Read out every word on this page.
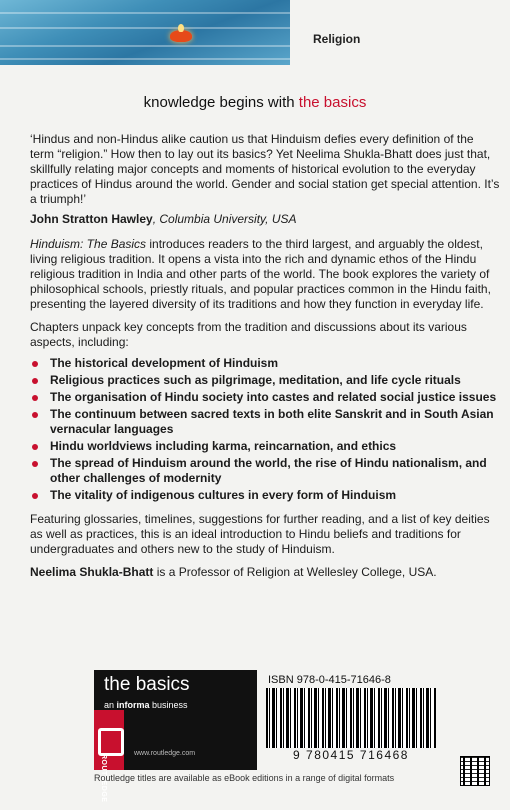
Religion
knowledge begins with the basics

‘Hindus and non-Hindus alike caution us that Hinduism defies every definition of the term “religion.” How then to lay out its basics? Yet Neelima Shukla-Bhatt does just that, skillfully relating major concepts and moments of historical evolution to the everyday practices of Hindus around the world. Gender and social station get special attention. It’s a triumph!’

John Stratton Hawley, Columbia University, USA

Hinduism: The Basics introduces readers to the third largest, and arguably the oldest, living religious tradition. It opens a vista into the rich and dynamic ethos of the Hindu religious tradition in India and other parts of the world. The book explores the variety of philosophical schools, priestly rituals, and popular practices common in the Hindu faith, presenting the layered diversity of its traditions and how they function in everyday life.

Chapters unpack key concepts from the tradition and discussions about its various aspects, including:

The historical development of Hinduism
Religious practices such as pilgrimage, meditation, and life cycle rituals
The organisation of Hindu society into castes and related social justice issues
The continuum between sacred texts in both elite Sanskrit and in South Asian vernacular languages
Hindu worldviews including karma, reincarnation, and ethics
The spread of Hinduism around the world, the rise of Hindu nationalism, and other challenges of modernity
The vitality of indigenous cultures in every form of Hinduism

Featuring glossaries, timelines, suggestions for further reading, and a list of key deities as well as practices, this is an ideal introduction to Hindu beliefs and traditions for undergraduates and others new to the study of Hinduism.

Neelima Shukla-Bhatt is a Professor of Religion at Wellesley College, USA.

the basics
an informa business
ROUTLEDGE
www.routledge.com
ISBN 978-0-415-71646-8
9 780415 716468
Routledge titles are available as eBook editions in a range of digital formats
